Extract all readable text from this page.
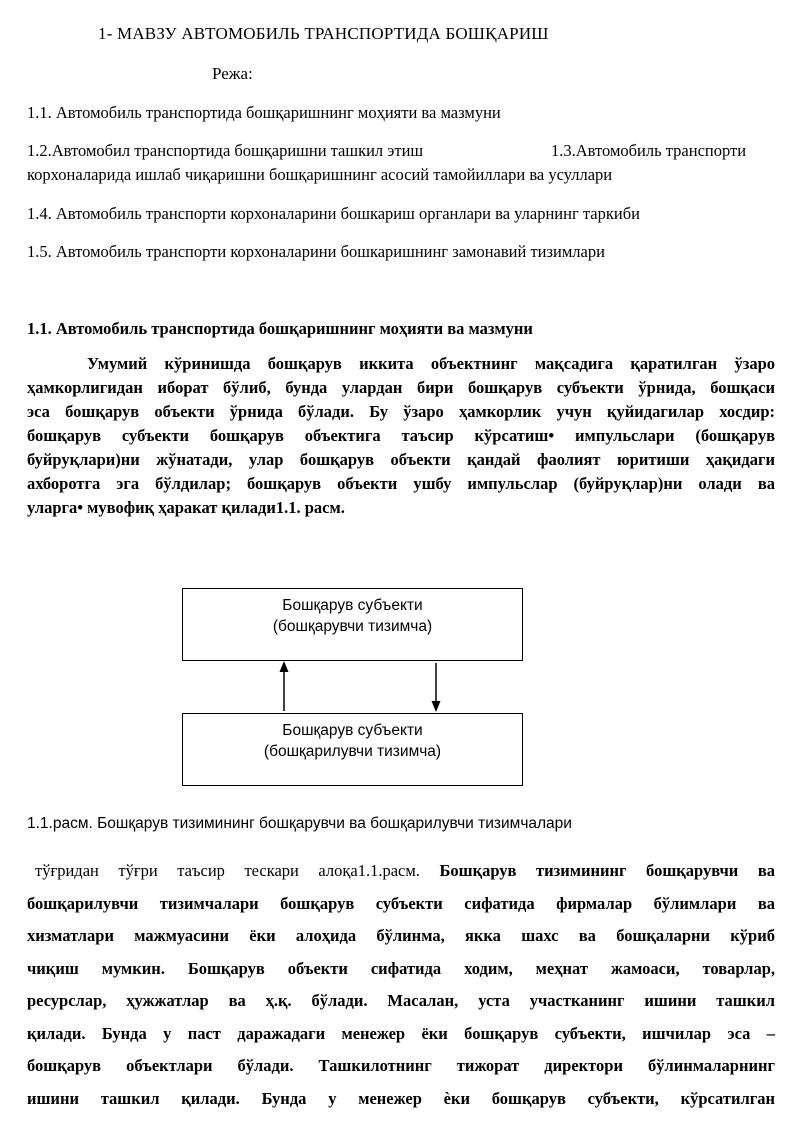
1- МАВЗУ АВТОМОБИЛЬ ТРАНСПОРТИДА БОШҚАРИШ
Режа:
1.1. Автомобиль транспортида бошқаришнинг моҳияти ва мазмуни
1.2.Автомобил транспортида бошқаришни ташкил этиш	1.3.Автомобиль транспорти
корхоналарида ишлаб чиқаришни бошқаришнинг асосий тамойиллари ва усуллари
1.4. Автомобиль транспорти корхоналарини бошкариш органлари ва уларнинг таркиби
1.5. Автомобиль транспорти корхоналарини бошкаришнинг замонавий тизимлари
1.1. Автомобиль транспортида бошқаришнинг моҳияти ва мазмуни
Умумий кўринишда бошқарув иккита объектнинг мақсадига қаратилган ўзаро
ҳамкорлигидан иборат бўлиб, бунда улардан бири бошқарув субъекти ўрнида, бошқаси
эса бошқарув объекти ўрнида бўлади. Бу ўзаро ҳамкорлик учун қуйидагилар хосдир:
бошқарув субъекти бошқарув объектига таъсир кўрсатиш• импульслари (бошқарув
буйруқлари)ни жўнатади, улар бошқарув объекти қандай фаолият юритиши ҳақидаги
ахборотга эга бўлдилар; бошқарув объекти ушбу импульслар (буйруқлар)ни олади ва
уларга• мувофиқ ҳаракат қилади1.1. расм.
Бошқарув субъекти
(бошқарувчи тизимча)
Бошқарув субъекти
(бошқарилувчи тизимча)
1.1.расм. Бошқарув тизимининг бошқарувчи ва бошқарилувчи тизимчалари
тўғридан тўғри таъсир тескари алоқа1.1.расм. Бошқарув тизимининг бошқарувчи ва
бошқарилувчи тизимчалари бошқарув субъекти сифатида фирмалар бўлимлари ва
хизматлари мажмуасини ёки алоҳида бўлинма, якка шахс ва бошқаларни кўриб
чиқиш мумкин. Бошқарув объекти сифатида ходим, меҳнат жамоаси, товарлар,
ресурслар, ҳужжатлар ва ҳ.қ. бўлади. Масалан, уста участканинг ишини ташкил
қилади. Бунда у паст даражадаги менежер ёки бошқарув субъекти, ишчилар эса –
бошқарув объектлари бўлади. Ташкилотнинг тижорат директори бўлинмаларнинг
ишини ташкил қилади. Бунда у менежер ѐки бошқарув субъекти, кўрсатилган
